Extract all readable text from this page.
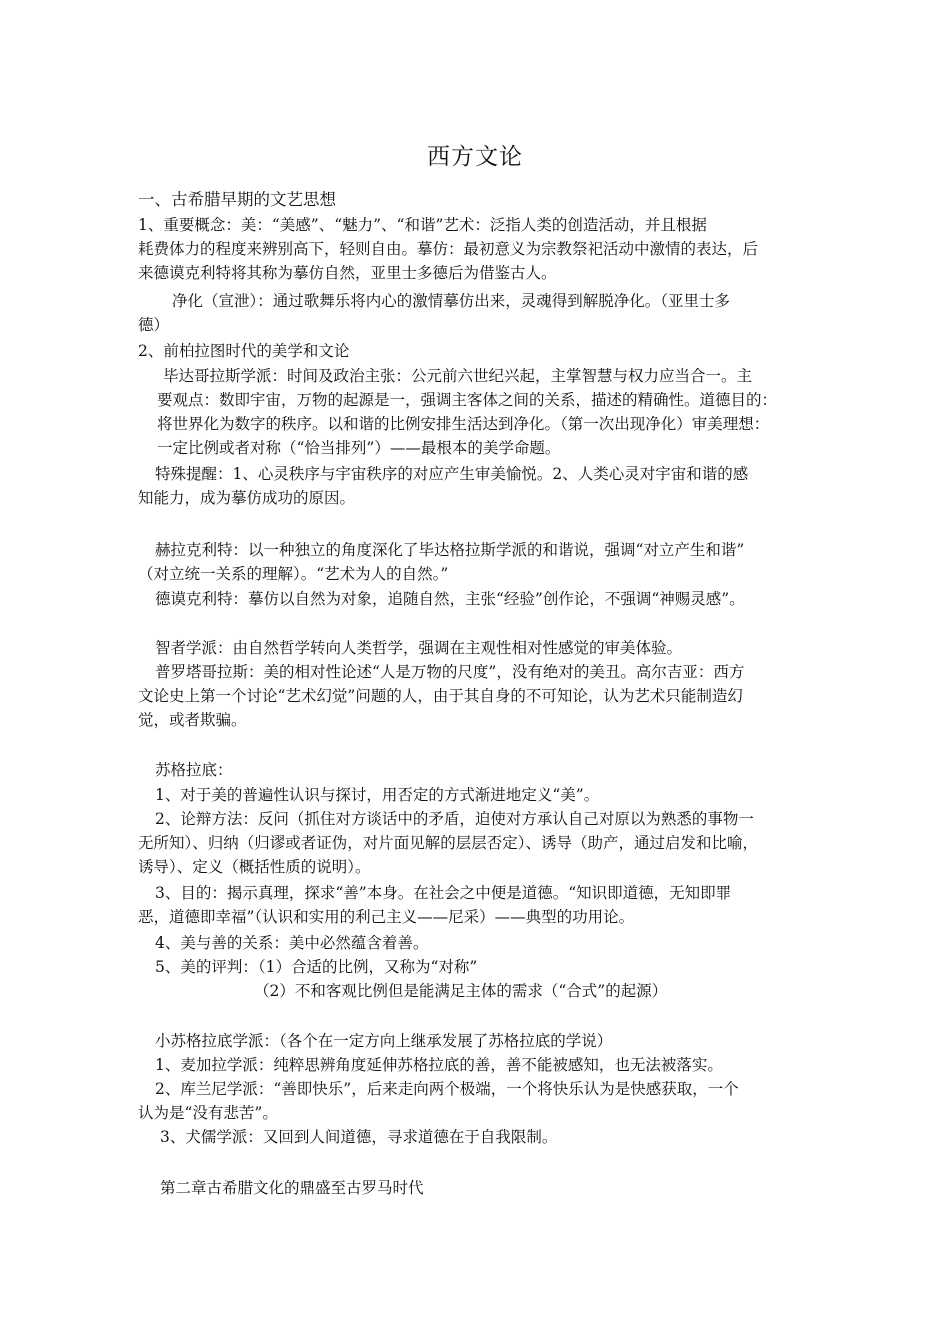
西方文论
一、古希腊早期的文艺思想
1、重要概念：美：“美感”、“魅力”、“和谐”艺术：泛指人类的创造活动，并且根据
耗费体力的程度来辨别高下，轻则自由。摹仿：最初意义为宗教祭祀活动中激情的表达，后
来德谟克利特将其称为摹仿自然，亚里士多德后为借鉴古人。
净化（宣泄）：通过歌舞乐将内心的激情摹仿出来，灵魂得到解脱净化。（亚里士多
德）
2、前柏拉图时代的美学和文论
毕达哥拉斯学派：时间及政治主张：公元前六世纪兴起，主掌智慧与权力应当合一。主
要观点：数即宇宙，万物的起源是一，强调主客体之间的关系，描述的精确性。道德目的：
将世界化为数字的秩序。以和谐的比例安排生活达到净化。（第一次出现净化）审美理想：
一定比例或者对称（“恰当排列”）——最根本的美学命题。
特殊提醒：1、心灵秩序与宇宙秩序的对应产生审美愉悦。2、人类心灵对宇宙和谐的感
知能力，成为摹仿成功的原因。
赫拉克利特：以一种独立的角度深化了毕达格拉斯学派的和谐说，强调“对立产生和谐”
（对立统一关系的理解）。“艺术为人的自然。”
德谟克利特：摹仿以自然为对象，追随自然，主张“经验”创作论，不强调“神赐灵感”。
智者学派：由自然哲学转向人类哲学，强调在主观性相对性感觉的审美体验。
普罗塔哥拉斯：美的相对性论述“人是万物的尺度”，没有绝对的美丑。高尔吉亚：西方
文论史上第一个讨论“艺术幻觉”问题的人，由于其自身的不可知论，认为艺术只能制造幻
觉，或者欺骗。
苏格拉底：
1、对于美的普遍性认识与探讨，用否定的方式渐进地定义“美”。
2、论辩方法：反问（抓住对方谈话中的矛盾，迫使对方承认自己对原以为熟悉的事物一
无所知）、归纳（归谬或者证伪，对片面见解的层层否定）、诱导（助产，通过启发和比喻，
诱导）、定义（概括性质的说明）。
3、目的：揭示真理，探求“善”本身。在社会之中便是道德。“知识即道德，无知即罪
恶，道德即幸福”（认识和实用的利己主义——尼采）——典型的功用论。
4、美与善的关系：美中必然蕴含着善。
5、美的评判：（1）合适的比例，又称为“对称”
（2）不和客观比例但是能满足主体的需求（“合式”的起源）
小苏格拉底学派：（各个在一定方向上继承发展了苏格拉底的学说）
1、麦加拉学派：纯粹思辨角度延伸苏格拉底的善，善不能被感知，也无法被落实。
2、库兰尼学派：“善即快乐”，后来走向两个极端，一个将快乐认为是快感获取，一个
认为是“没有悲苦”。
3、犬儒学派：又回到人间道德，寻求道德在于自我限制。
第二章古希腊文化的鼎盛至古罗马时代
